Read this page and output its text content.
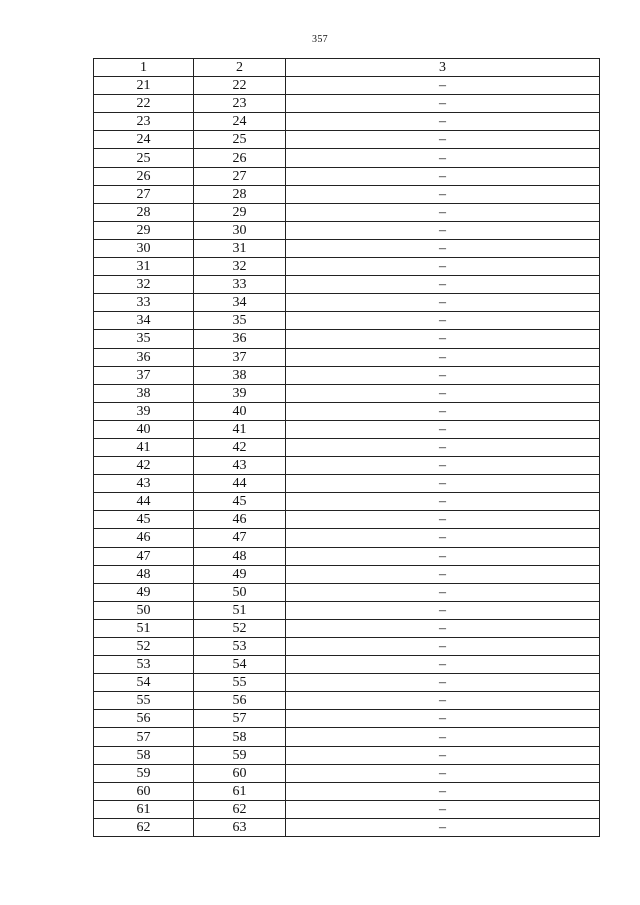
357
1	2	3
21	22	–
22	23	–
23	24	–
24	25	–
25	26	–
26	27	–
27	28	–
28	29	–
29	30	–
30	31	–
31	32	–
32	33	–
33	34	–
34	35	–
35	36	–
36	37	–
37	38	–
38	39	–
39	40	–
40	41	–
41	42	–
42	43	–
43	44	–
44	45	–
45	46	–
46	47	–
47	48	–
48	49	–
49	50	–
50	51	–
51	52	–
52	53	–
53	54	–
54	55	–
55	56	–
56	57	–
57	58	–
58	59	–
59	60	–
60	61	–
61	62	–
62	63	–
